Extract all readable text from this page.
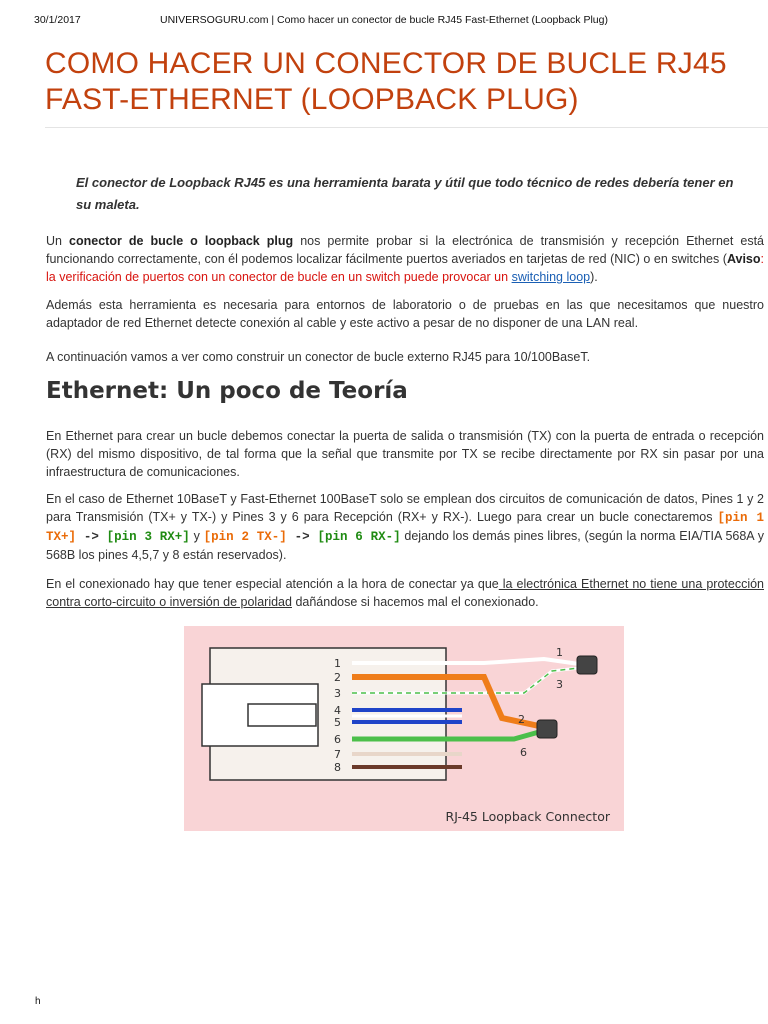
30/1/2017	UNIVERSOGURU.com | Como hacer un conector de bucle RJ45 Fast-Ethernet (Loopback Plug)
COMO HACER UN CONECTOR DE BUCLE RJ45
FAST-ETHERNET (LOOPBACK PLUG)

El conector de Loopback RJ45 es una herramienta barata y útil que todo técnico de redes debería tener en su maleta.

Un conector de bucle o loopback plug nos permite probar si la electrónica de transmisión y recepción Ethernet está funcionando correctamente, con él podemos localizar fácilmente puertos averiados en tarjetas de red (NIC) o en switches (Aviso: la verificación de puertos con un conector de bucle en un switch puede provocar un switching loop).

Además esta herramienta es necesaria para entornos de laboratorio o de pruebas en las que necesitamos que nuestro adaptador de red Ethernet detecte conexión al cable y este activo a pesar de no disponer de una LAN real.

A continuación vamos a ver como construir un conector de bucle externo RJ45 para 10/100BaseT.

Ethernet: Un poco de Teoría

En Ethernet para crear un bucle debemos conectar la puerta de salida o transmisión (TX) con la puerta de entrada o recepción (RX) del mismo dispositivo, de tal forma que la señal que transmite por TX se recibe directamente por RX sin pasar por una infraestructura de comunicaciones.

En el caso de Ethernet 10BaseT y Fast-Ethernet 100BaseT solo se emplean dos circuitos de comunicación de datos, Pines 1 y 2 para Transmisión (TX+ y TX-) y Pines 3 y 6 para Recepción (RX+ y RX-). Luego para crear un bucle conectaremos [pin 1 TX+] -> [pin 3 RX+] y [pin 2 TX-] -> [pin 6 RX-] dejando los demás pines libres, (según la norma EIA/TIA 568A y 568B los pines 4,5,7 y 8 están reservados).

En el conexionado hay que tener especial atención a la hora de conectar ya que la electrónica Ethernet no tiene una protección contra corto-circuito o inversión de polaridad dañándose si hacemos mal el conexionado.

1
2
3
4
5
6
7
8
1
3
2
6
RJ-45 Loopback Connector
h
